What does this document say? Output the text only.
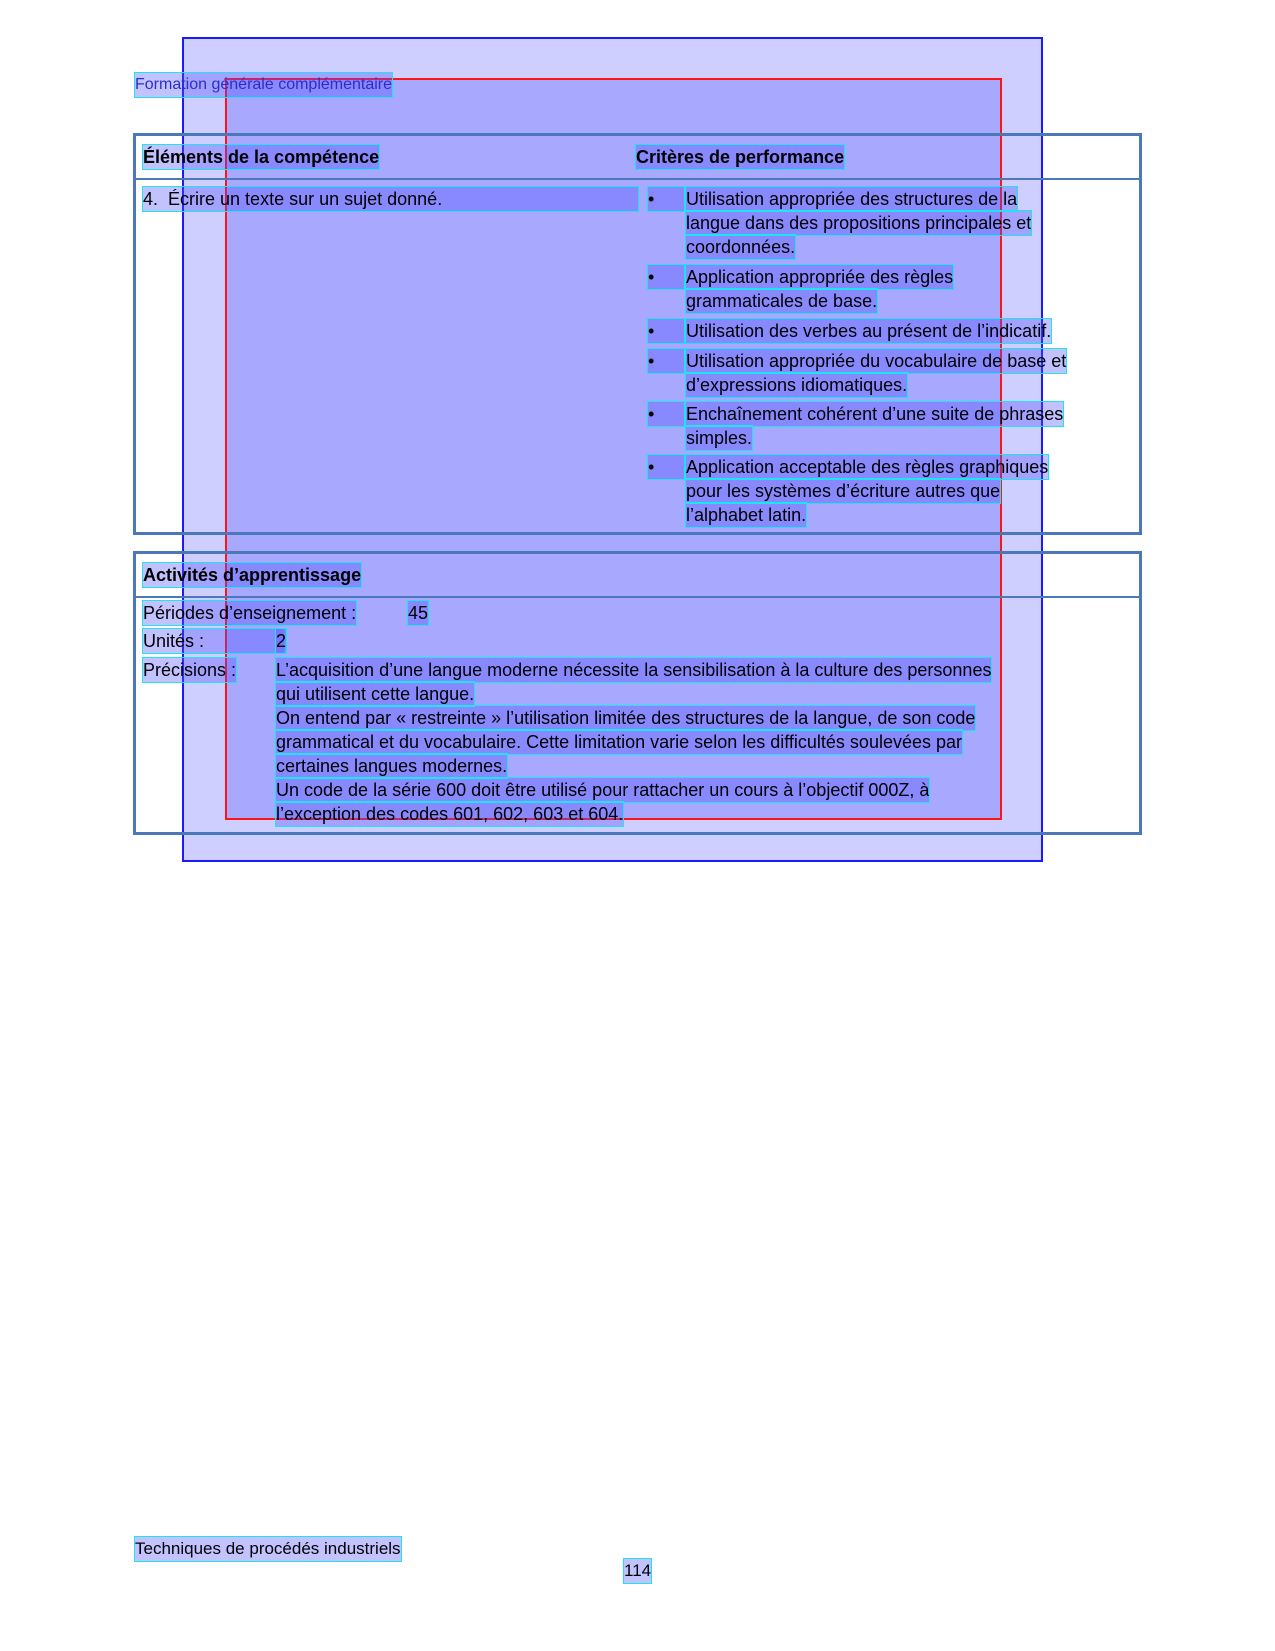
Formation générale complémentaire
Éléments de la compétence	Critères de performance
4. Écrire un texte sur un sujet donné.	•	Utilisation appropriée des structures de la
langue dans des propositions principales et
coordonnées.
•	Application appropriée des règles
grammaticales de base.
•	Utilisation des verbes au présent de l’indicatif.
•	Utilisation appropriée du vocabulaire de base et
d’expressions idiomatiques.
•	Enchaînement cohérent d’une suite de phrases
simples.
•	Application acceptable des règles graphiques
pour les systèmes d’écriture autres que
l’alphabet latin.
Activités d’apprentissage
Périodes d’enseignement :	45
Unités :	2
Précisions : L’acquisition d’une langue moderne nécessite la sensibilisation à la culture des personnes
qui utilisent cette langue.
On entend par « restreinte » l’utilisation limitée des structures de la langue, de son code
grammatical et du vocabulaire. Cette limitation varie selon les difficultés soulevées par
certaines langues modernes.
Un code de la série 600 doit être utilisé pour rattacher un cours à l’objectif 000Z, à
l’exception des codes 601, 602, 603 et 604.
Techniques de procédés industriels
114
